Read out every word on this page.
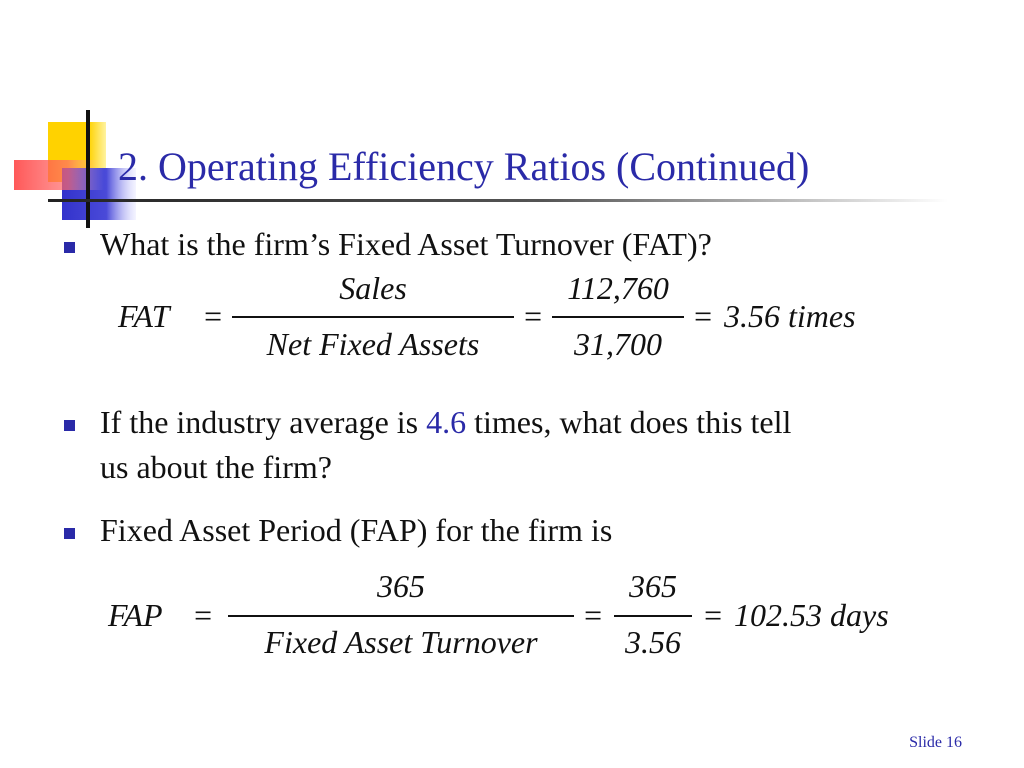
2. Operating Efficiency Ratios (Continued)

What is the firm’s Fixed Asset Turnover (FAT)?

FAT =
Sales
Net Fixed Assets
=
112,760
31,700
= 3.56 times

If the industry average is 4.6 times, what does this tell
us about the firm?

Fixed Asset Period (FAP) for the firm is

FAP =
365
Fixed Asset Turnover
=
365
3.56
= 102.53 days
Slide 16
